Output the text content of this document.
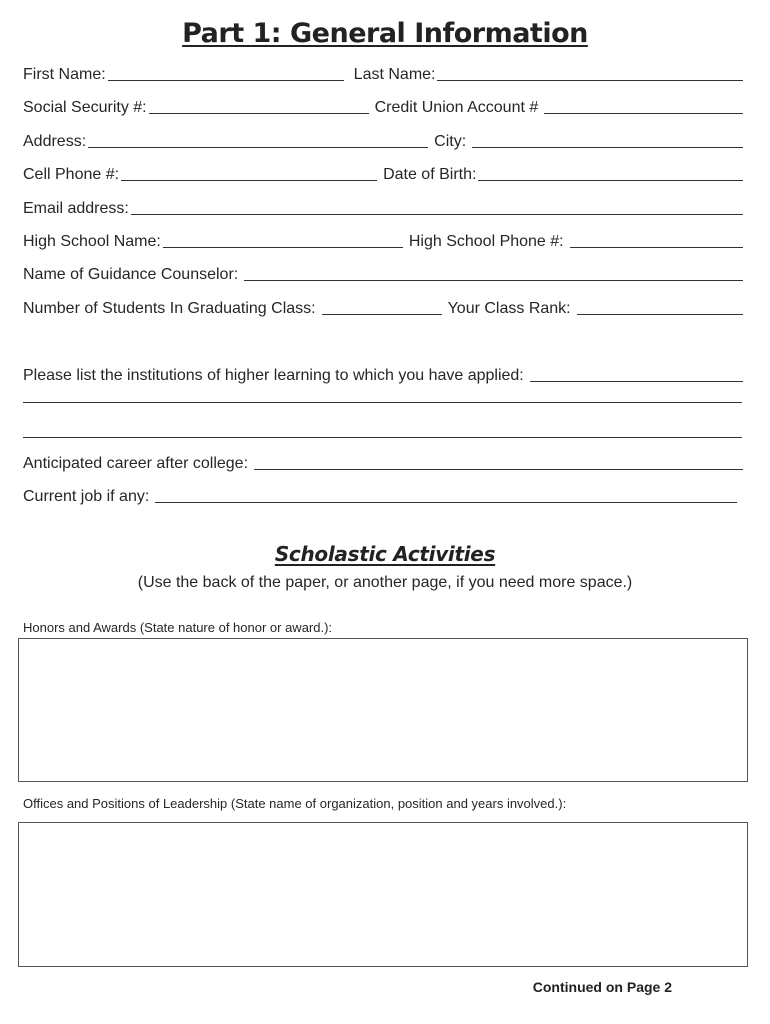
Part 1: General Information
First Name:	Last Name:
Social Security #:	Credit Union Account #
Address:	City:
Cell Phone #:	Date of Birth:
Email address:
High School Name:	High School Phone #:
Name of Guidance Counselor:
Number of Students In Graduating Class:	Your Class Rank:
Please list the institutions of higher learning to which you have applied:
Anticipated career after college:
Current job if any:
Scholastic Activities
(Use the back of the paper, or another page, if you need more space.)
Honors and Awards (State nature of honor or award.):
Offices and Positions of Leadership (State name of organization, position and years involved.):
Continued on Page 2
